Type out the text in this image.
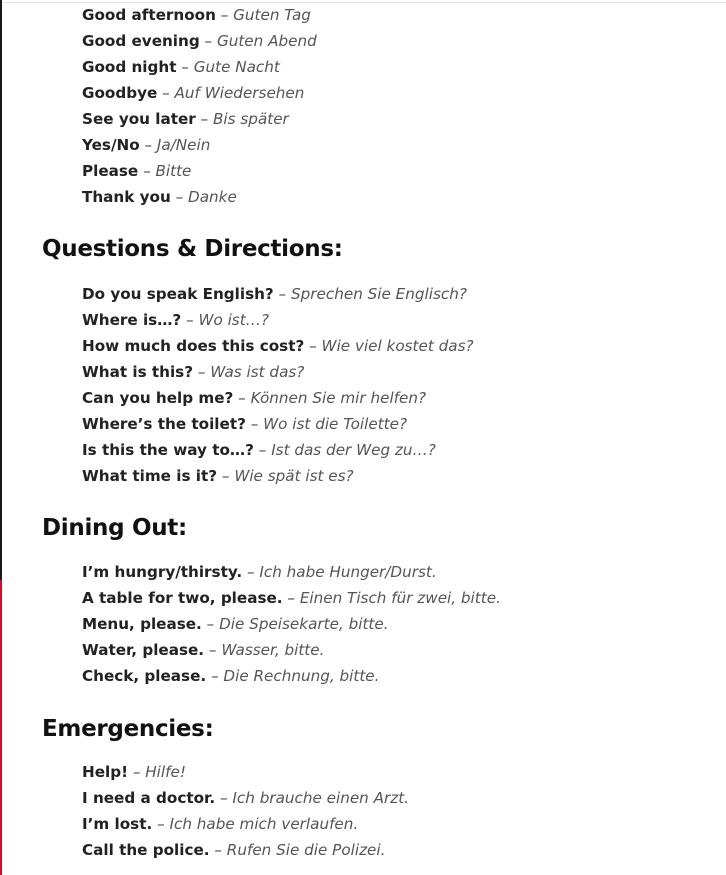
Good afternoon – Guten Tag
Good evening – Guten Abend
Good night – Gute Nacht
Goodbye – Auf Wiedersehen
See you later – Bis später
Yes/No – Ja/Nein
Please – Bitte
Thank you – Danke
Questions & Directions:
Do you speak English? – Sprechen Sie Englisch?
Where is…? – Wo ist…?
How much does this cost? – Wie viel kostet das?
What is this? – Was ist das?
Can you help me? – Können Sie mir helfen?
Where’s the toilet? – Wo ist die Toilette?
Is this the way to…? – Ist das der Weg zu…?
What time is it? – Wie spät ist es?
Dining Out:
I’m hungry/thirsty. – Ich habe Hunger/Durst.
A table for two, please. – Einen Tisch für zwei, bitte.
Menu, please. – Die Speisekarte, bitte.
Water, please. – Wasser, bitte.
Check, please. – Die Rechnung, bitte.
Emergencies:
Help! – Hilfe!
I need a doctor. – Ich brauche einen Arzt.
I’m lost. – Ich habe mich verlaufen.
Call the police. – Rufen Sie die Polizei.
